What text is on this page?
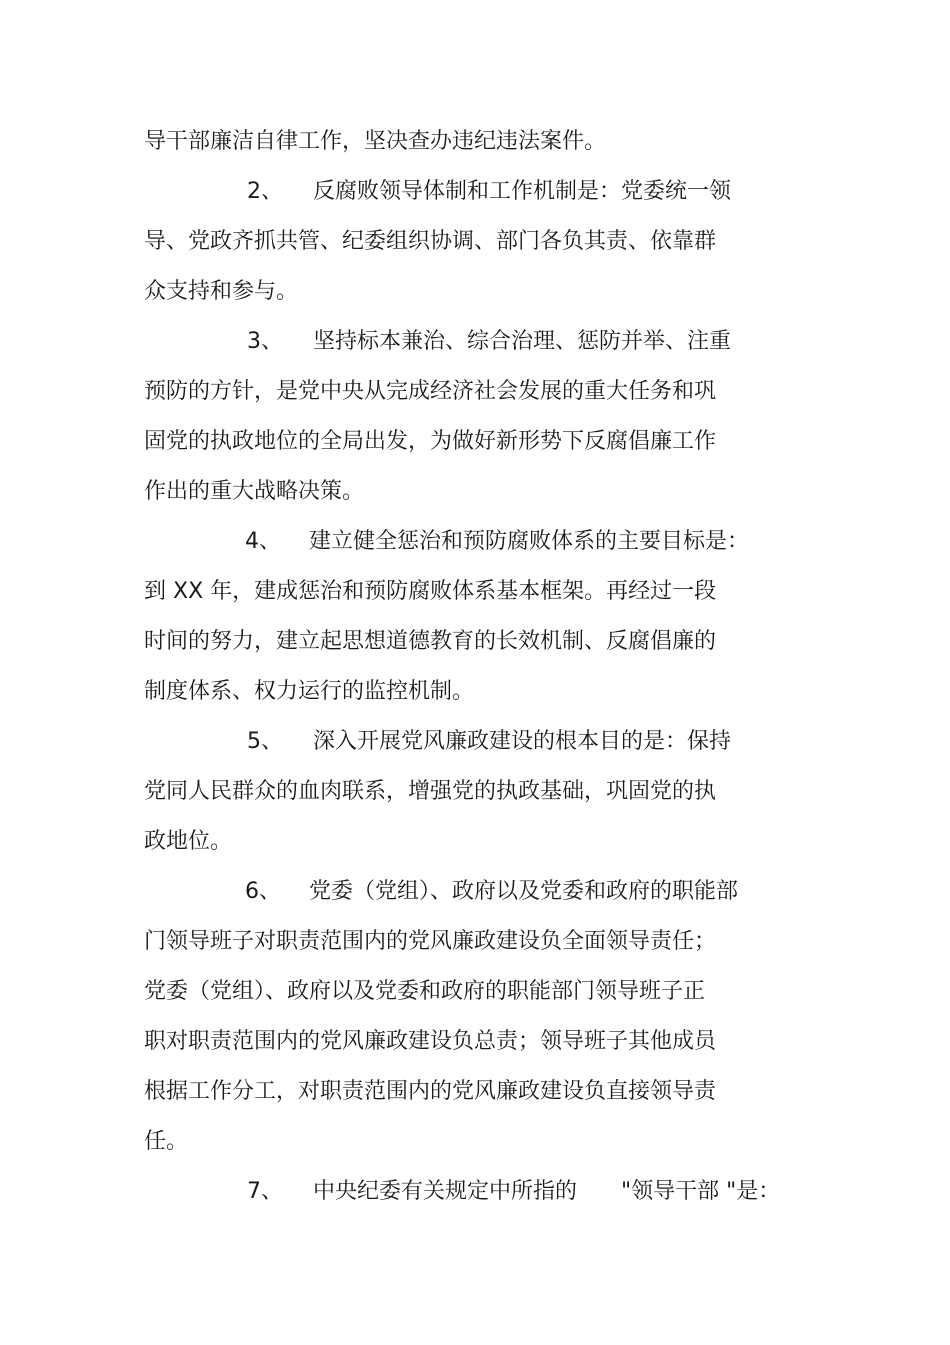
导干部廉洁自律工作，坚决查办违纪违法案件。
2、 反腐败领导体制和工作机制是：党委统一领
导、党政齐抓共管、纪委组织协调、部门各负其责、依靠群
众支持和参与。
3、 坚持标本兼治、综合治理、惩防并举、注重
预防的方针，是党中央从完成经济社会发展的重大任务和巩
固党的执政地位的全局出发，为做好新形势下反腐倡廉工作
作出的重大战略决策。
4、 建立健全惩治和预防腐败体系的主要目标是：
到 XX 年，建成惩治和预防腐败体系基本框架。再经过一段
时间的努力，建立起思想道德教育的长效机制、反腐倡廉的
制度体系、权力运行的监控机制。
5、 深入开展党风廉政建设的根本目的是：保持
党同人民群众的血肉联系，增强党的执政基础，巩固党的执
政地位。
6、 党委（党组）、政府以及党委和政府的职能部
门领导班子对职责范围内的党风廉政建设负全面领导责任；
党委（党组）、政府以及党委和政府的职能部门领导班子正
职对职责范围内的党风廉政建设负总责；领导班子其他成员
根据工作分工，对职责范围内的党风廉政建设负直接领导责
任。
7、 中央纪委有关规定中所指的 "领导干部 "是：
